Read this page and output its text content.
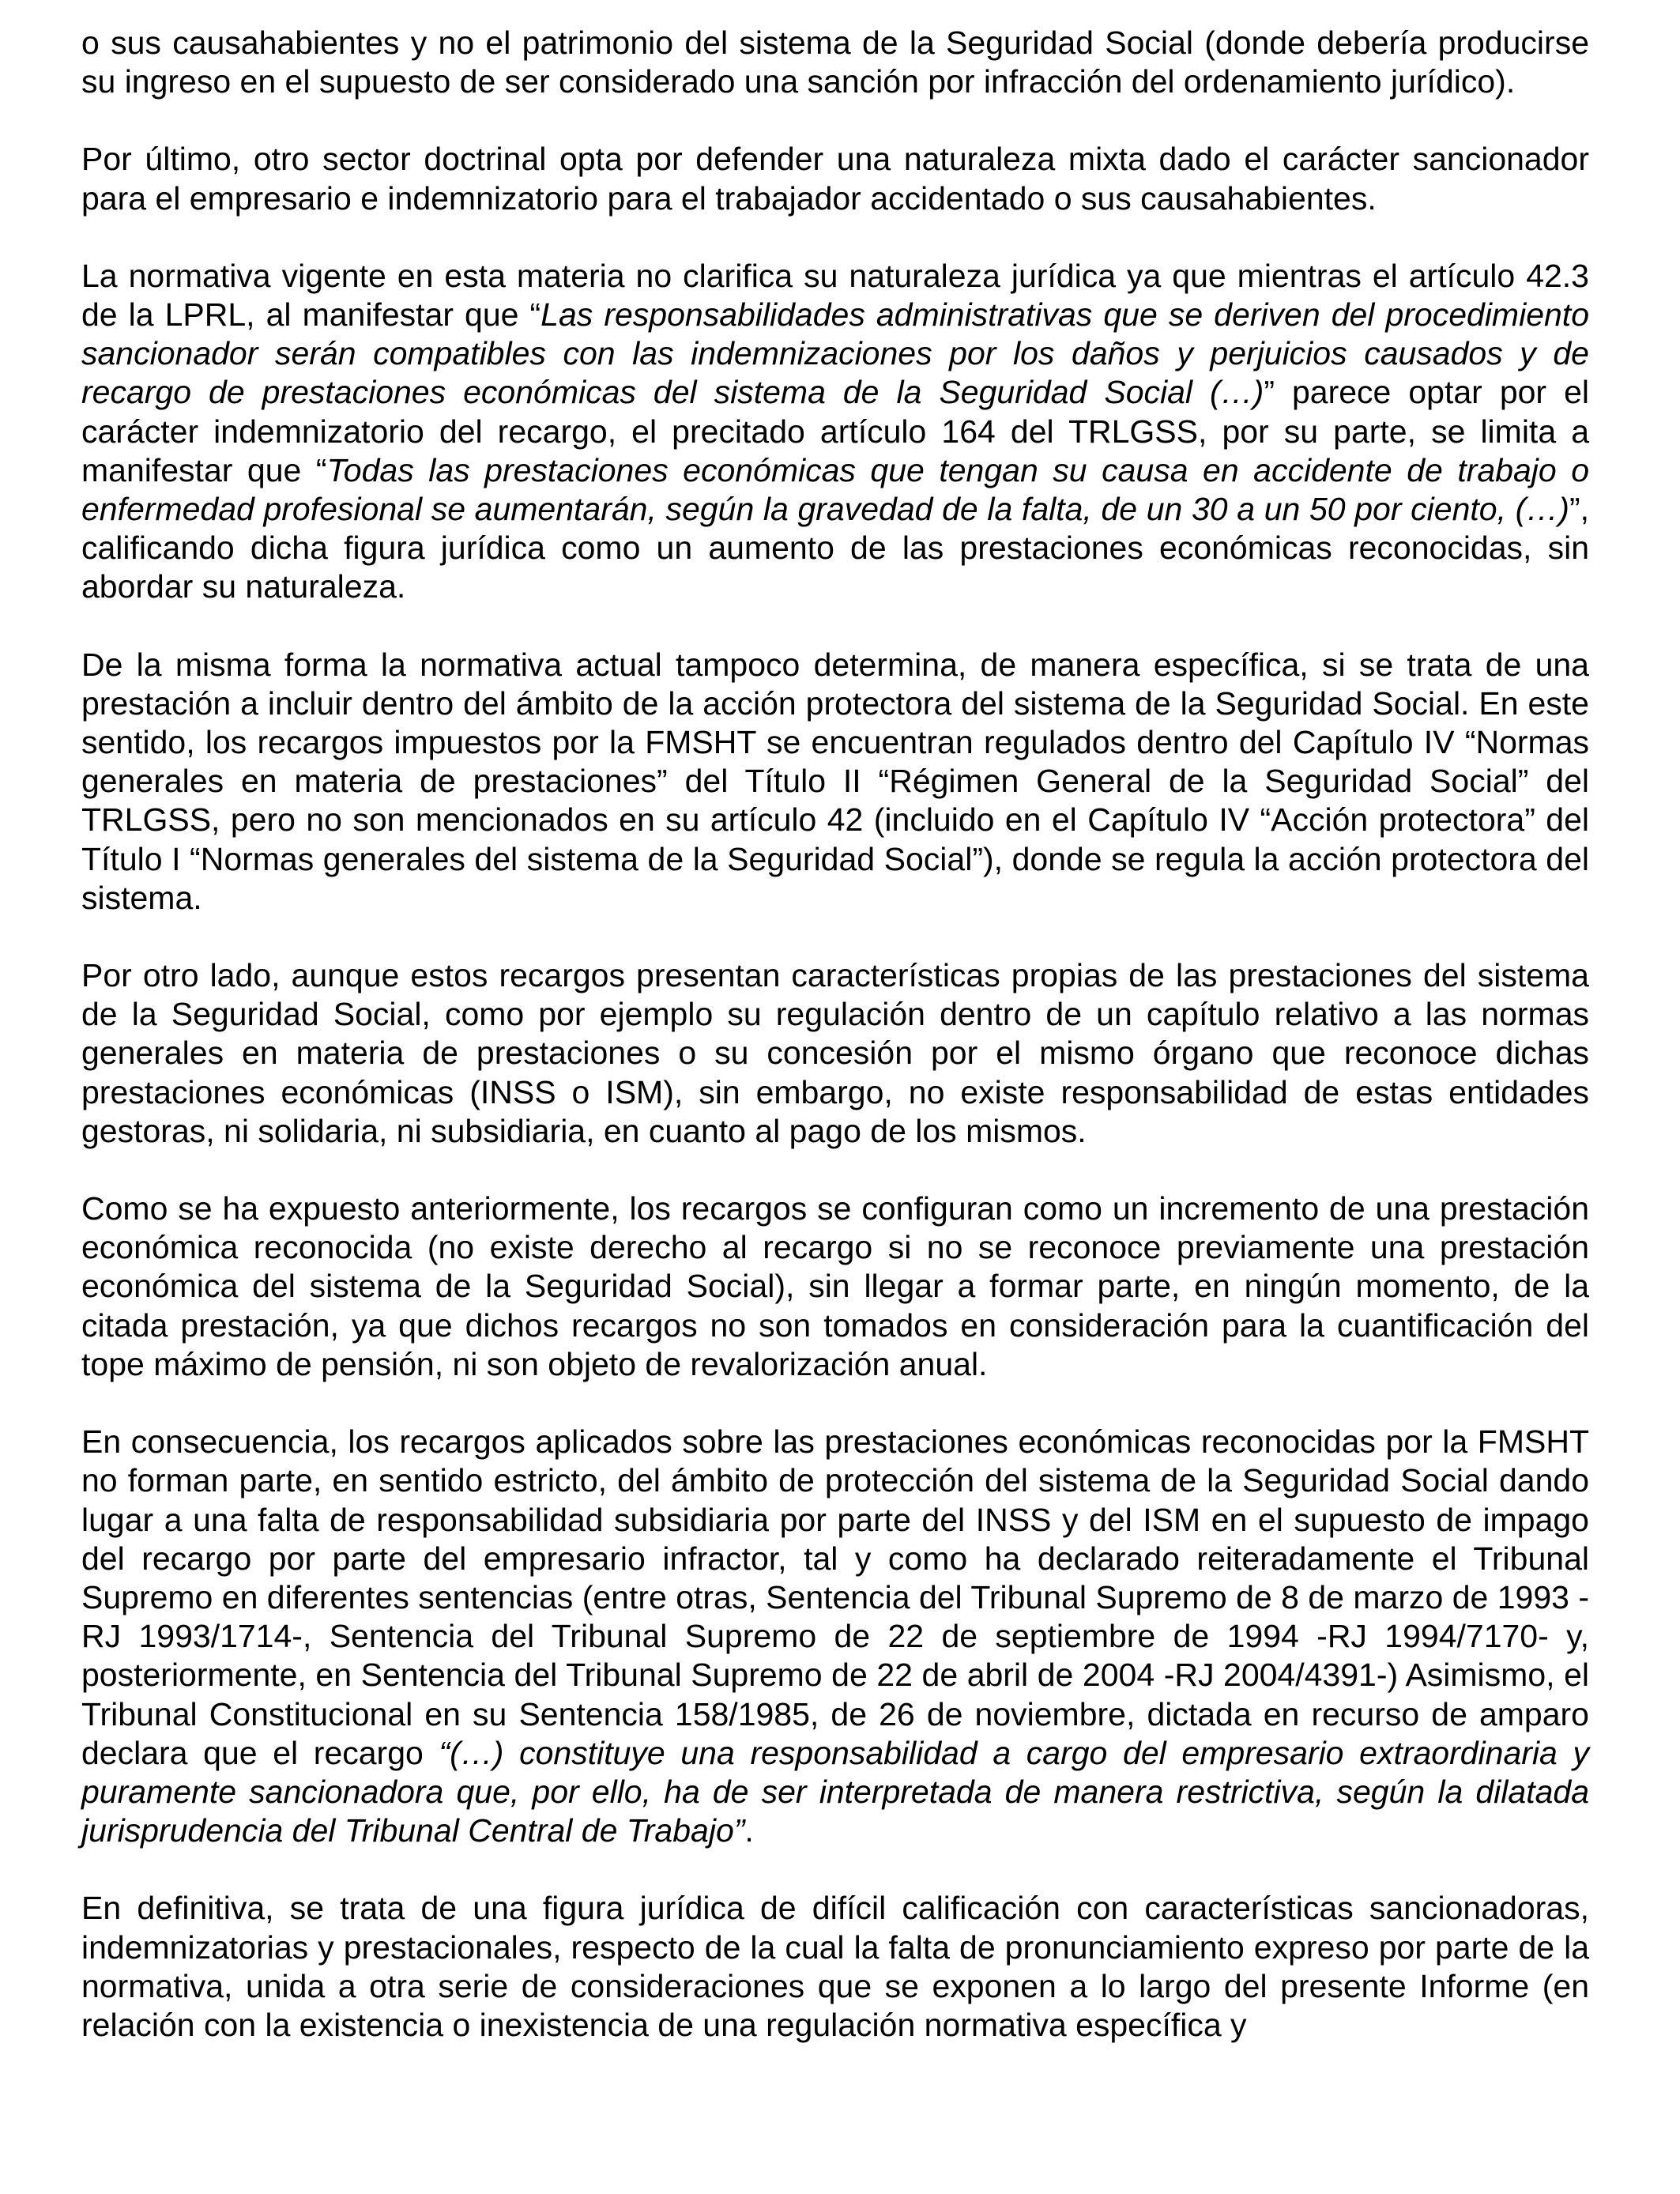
o sus causahabientes y no el patrimonio del sistema de la Seguridad Social (donde debería producirse su ingreso en el supuesto de ser considerado una sanción por infracción del ordenamiento jurídico).

Por último, otro sector doctrinal opta por defender una naturaleza mixta dado el carácter sancionador para el empresario e indemnizatorio para el trabajador accidentado o sus causahabientes.

La normativa vigente en esta materia no clarifica su naturaleza jurídica ya que mientras el artículo 42.3 de la LPRL, al manifestar que “Las responsabilidades administrativas que se deriven del procedimiento sancionador serán compatibles con las indemnizaciones por los daños y perjuicios causados y de recargo de prestaciones económicas del sistema de la Seguridad Social (…)” parece optar por el carácter indemnizatorio del recargo, el precitado artículo 164 del TRLGSS, por su parte, se limita a manifestar que “Todas las prestaciones económicas que tengan su causa en accidente de trabajo o enfermedad profesional se aumentarán, según la gravedad de la falta, de un 30 a un 50 por ciento, (…)”, calificando dicha figura jurídica como un aumento de las prestaciones económicas reconocidas, sin abordar su naturaleza.

De la misma forma la normativa actual tampoco determina, de manera específica, si se trata de una prestación a incluir dentro del ámbito de la acción protectora del sistema de la Seguridad Social. En este sentido, los recargos impuestos por la FMSHT se encuentran regulados dentro del Capítulo IV “Normas generales en materia de prestaciones” del Título II “Régimen General de la Seguridad Social” del TRLGSS, pero no son mencionados en su artículo 42 (incluido en el Capítulo IV “Acción protectora” del Título I “Normas generales del sistema de la Seguridad Social”), donde se regula la acción protectora del sistema.

Por otro lado, aunque estos recargos presentan características propias de las prestaciones del sistema de la Seguridad Social, como por ejemplo su regulación dentro de un capítulo relativo a las normas generales en materia de prestaciones o su concesión por el mismo órgano que reconoce dichas prestaciones económicas (INSS o ISM), sin embargo, no existe responsabilidad de estas entidades gestoras, ni solidaria, ni subsidiaria, en cuanto al pago de los mismos.

Como se ha expuesto anteriormente, los recargos se configuran como un incremento de una prestación económica reconocida (no existe derecho al recargo si no se reconoce previamente una prestación económica del sistema de la Seguridad Social), sin llegar a formar parte, en ningún momento, de la citada prestación, ya que dichos recargos no son tomados en consideración para la cuantificación del tope máximo de pensión, ni son objeto de revalorización anual.

En consecuencia, los recargos aplicados sobre las prestaciones económicas reconocidas por la FMSHT no forman parte, en sentido estricto, del ámbito de protección del sistema de la Seguridad Social dando lugar a una falta de responsabilidad subsidiaria por parte del INSS y del ISM en el supuesto de impago del recargo por parte del empresario infractor, tal y como ha declarado reiteradamente el Tribunal Supremo en diferentes sentencias (entre otras, Sentencia del Tribunal Supremo de 8 de marzo de 1993 -RJ 1993/1714-, Sentencia del Tribunal Supremo de 22 de septiembre de 1994 -RJ 1994/7170- y, posteriormente, en Sentencia del Tribunal Supremo de 22 de abril de 2004 -RJ 2004/4391-) Asimismo, el Tribunal Constitucional en su Sentencia 158/1985, de 26 de noviembre, dictada en recurso de amparo declara que el recargo “(…) constituye una responsabilidad a cargo del empresario extraordinaria y puramente sancionadora que, por ello, ha de ser interpretada de manera restrictiva, según la dilatada jurisprudencia del Tribunal Central de Trabajo”.

En definitiva, se trata de una figura jurídica de difícil calificación con características sancionadoras, indemnizatorias y prestacionales, respecto de la cual la falta de pronunciamiento expreso por parte de la normativa, unida a otra serie de consideraciones que se exponen a lo largo del presente Informe (en relación con la existencia o inexistencia de una regulación normativa específica y
